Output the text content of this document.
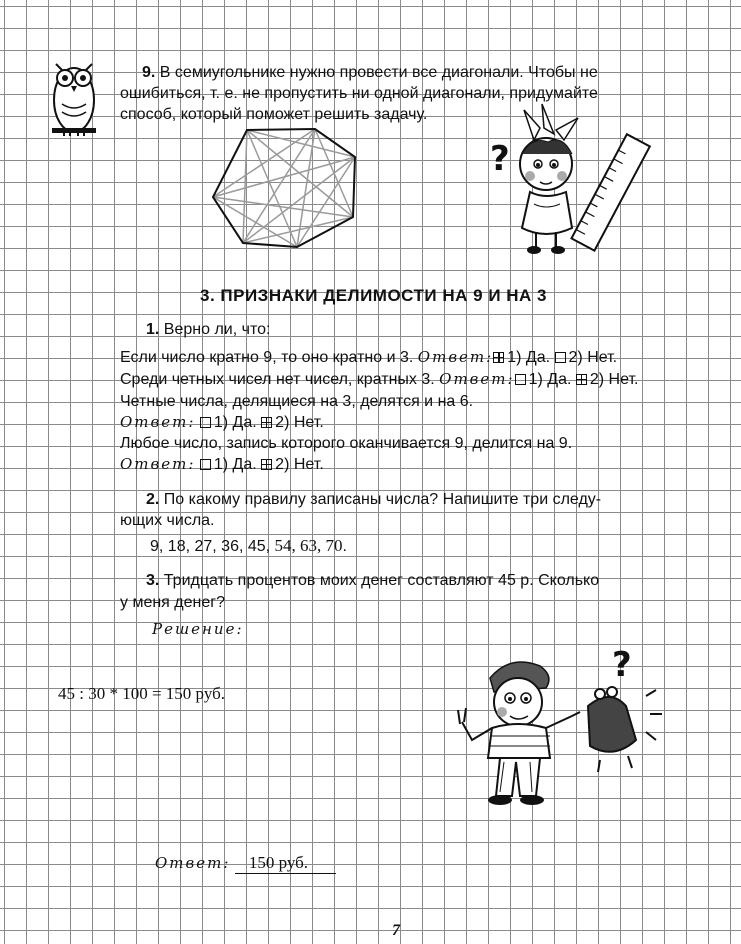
9. В семиугольнике нужно провести все диагонали. Чтобы не
ошибиться, т. е. не пропустить ни одной диагонали, придумайте
способ, который поможет решить задачу.
?
3. ПРИЗНАКИ ДЕЛИМОСТИ НА 9 И НА 3
1. Верно ли, что:
Если число кратно 9, то оно кратно и 3. Ответ: 1) Да. 2) Нет.
Среди четных чисел нет чисел, кратных 3. Ответ: 1) Да. 2) Нет.
Четные числа, делящиеся на 3, делятся и на 6.
Ответ: 1) Да. 2) Нет.
Любое число, запись которого оканчивается 9, делится на 9.
Ответ: 1) Да. 2) Нет.
2. По какому правилу записаны числа? Напишите три следу-
ющих числа.
9, 18, 27, 36, 45, 54, 63, 70.
3. Тридцать процентов моих денег составляют 45 р. Сколько
у меня денег?
Решение:
45 : 30 * 100 = 150 руб.
?
Ответ: 150 руб.
7
